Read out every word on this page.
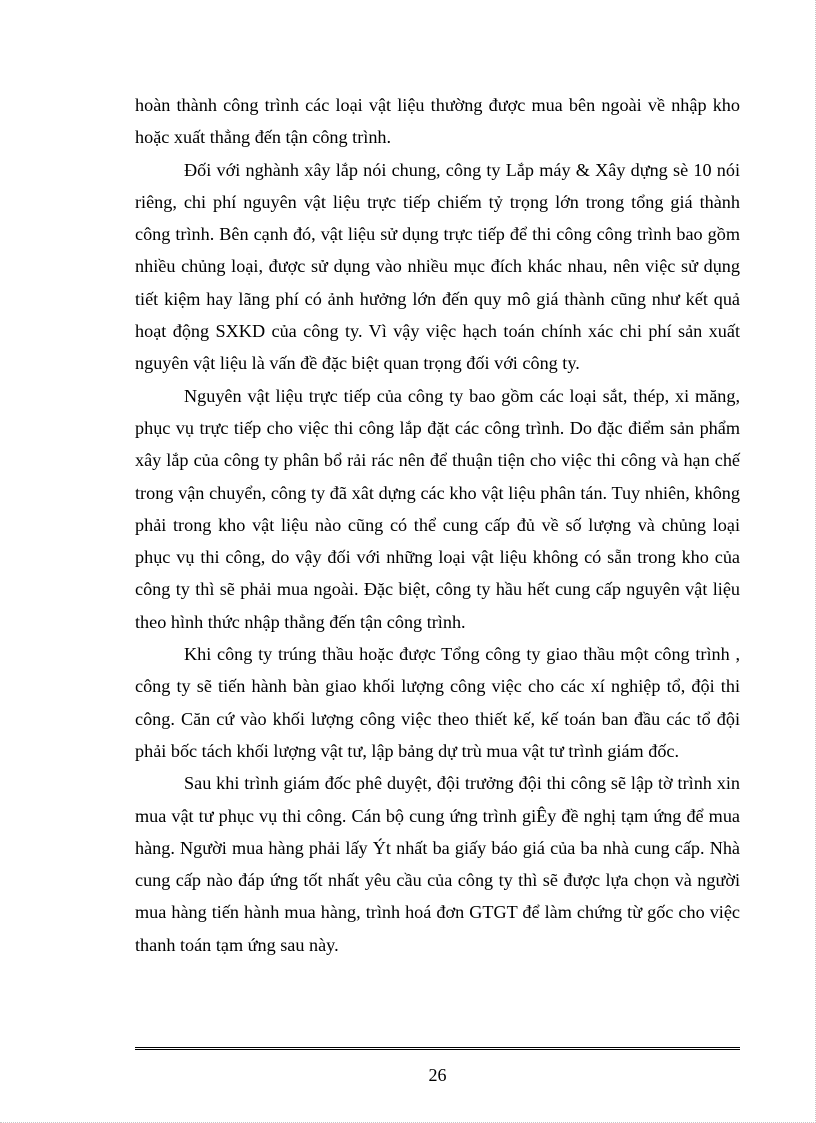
hoàn thành công trình các loại vật liệu thường được mua bên ngoài về nhập kho hoặc xuất thẳng đến tận công trình.

Đối với nghành xây lắp nói chung, công ty Lắp máy & Xây dựng sè 10 nói riêng, chi phí nguyên vật liệu trực tiếp chiếm tỷ trọng lớn trong tổng giá thành công trình. Bên cạnh đó, vật liệu sử dụng trực tiếp để thi công công trình bao gồm nhiều chủng loại, được sử dụng vào nhiều mục đích khác nhau, nên việc sử dụng tiết kiệm hay lãng phí có ảnh hưởng lớn đến quy mô giá thành cũng như kết quả hoạt động SXKD của công ty. Vì vậy việc hạch toán chính xác chi phí sản xuất nguyên vật liệu là vấn đề đặc biệt quan trọng đối với công ty.

Nguyên vật liệu trực tiếp của công ty bao gồm các loại sắt, thép, xi măng, phục vụ trực tiếp cho việc thi công lắp đặt các công trình. Do đặc điểm sản phẩm xây lắp của công ty phân bổ rải rác nên để thuận tiện cho việc thi công và hạn chế trong vận chuyển, công ty đã xât dựng các kho vật liệu phân tán. Tuy nhiên, không phải trong kho vật liệu nào cũng có thể cung cấp đủ về số lượng và chủng loại phục vụ thi công, do vậy đối với những loại vật liệu không có sẵn trong kho của công ty thì sẽ phải mua ngoài. Đặc biệt, công ty hầu hết cung cấp nguyên vật liệu theo hình thức nhập thẳng đến tận công trình.

Khi công ty trúng thầu hoặc được Tổng công ty giao thầu một công trình , công ty sẽ tiến hành bàn giao khối lượng công việc cho các xí nghiệp tổ, đội thi công. Căn cứ vào khối lượng công việc theo thiết kế, kế toán ban đầu các tổ đội phải bốc tách khối lượng vật tư, lập bảng dự trù mua vật tư trình giám đốc.

Sau khi trình giám đốc phê duyệt, đội trưởng đội thi công sẽ lập tờ trình xin mua vật tư phục vụ thi công. Cán bộ cung ứng trình giÊy đề nghị tạm ứng để mua hàng. Người mua hàng phải lấy Ýt nhất ba giấy báo giá của ba nhà cung cấp. Nhà cung cấp nào đáp ứng tốt nhất yêu cầu của công ty thì sẽ được lựa chọn và người mua hàng tiến hành mua hàng, trình hoá đơn GTGT để làm chứng từ gốc cho việc thanh toán tạm ứng sau này.

26
